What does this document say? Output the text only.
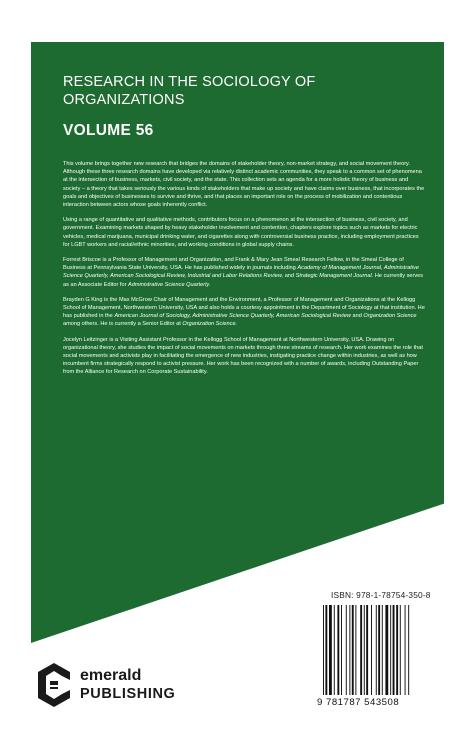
RESEARCH IN THE SOCIOLOGY OF ORGANIZATIONS
VOLUME 56

This volume brings together new research that bridges the domains of stakeholder theory, non-market strategy, and social movement theory. Although these three research domains have developed via relatively distinct academic communities, they speak to a common set of phenomena at the intersection of business, markets, civil society, and the state. This collection sets an agenda for a more holistic theory of business and society – a theory that takes seriously the various kinds of stakeholders that make up society and have claims over business, that incorporates the goals and objectives of businesses to survive and thrive, and that places an important role on the process of mobilization and contentious interaction between actors whose goals inherently conflict.

Using a range of quantitative and qualitative methods, contributors focus on a phenomenon at the intersection of business, civil society, and government. Examining markets shaped by heavy stakeholder involvement and contention, chapters explore topics such as markets for electric vehicles, medical marijuana, municipal drinking water, and cigarettes along with controversial business practice, including employment practices for LGBT workers and racial/ethnic minorities, and working conditions in global supply chains.

Forrest Briscoe is a Professor of Management and Organization, and Frank & Mary Jean Smeal Research Fellow, in the Smeal College of Business at Pennsylvania State University, USA. He has published widely in journals including Academy of Management Journal, Administrative Science Quarterly, American Sociological Review, Industrial and Labor Relations Review, and Strategic Management Journal. He currently serves as an Associate Editor for Administrative Science Quarterly.

Brayden G King is the Max McGrow Chair of Management and the Environment, a Professor of Management and Organizations at the Kellogg School of Management, Northwestern University, USA and also holds a courtesy appointment in the Department of Sociology at that institution. He has published in the American Journal of Sociology, Administrative Science Quarterly, American Sociological Review and Organization Science among others. He is currently a Senior Editor at Organization Science.

Jocelyn Leitzinger is a Visiting Assistant Professor in the Kellogg School of Management at Northwestern University, USA. Drawing on organizational theory, she studies the impact of social movements on markets through three streams of research. Her work examines the role that social movements and activists play in facilitating the emergence of new industries, instigating practice change within industries, as well as how incumbent firms strategically respond to activist pressure. Her work has been recognized with a number of awards, including Outstanding Paper from the Alliance for Research on Corporate Sustainability.

ISBN: 978-1-78754-350-8
9 781787 543508
emerald
PUBLISHING
